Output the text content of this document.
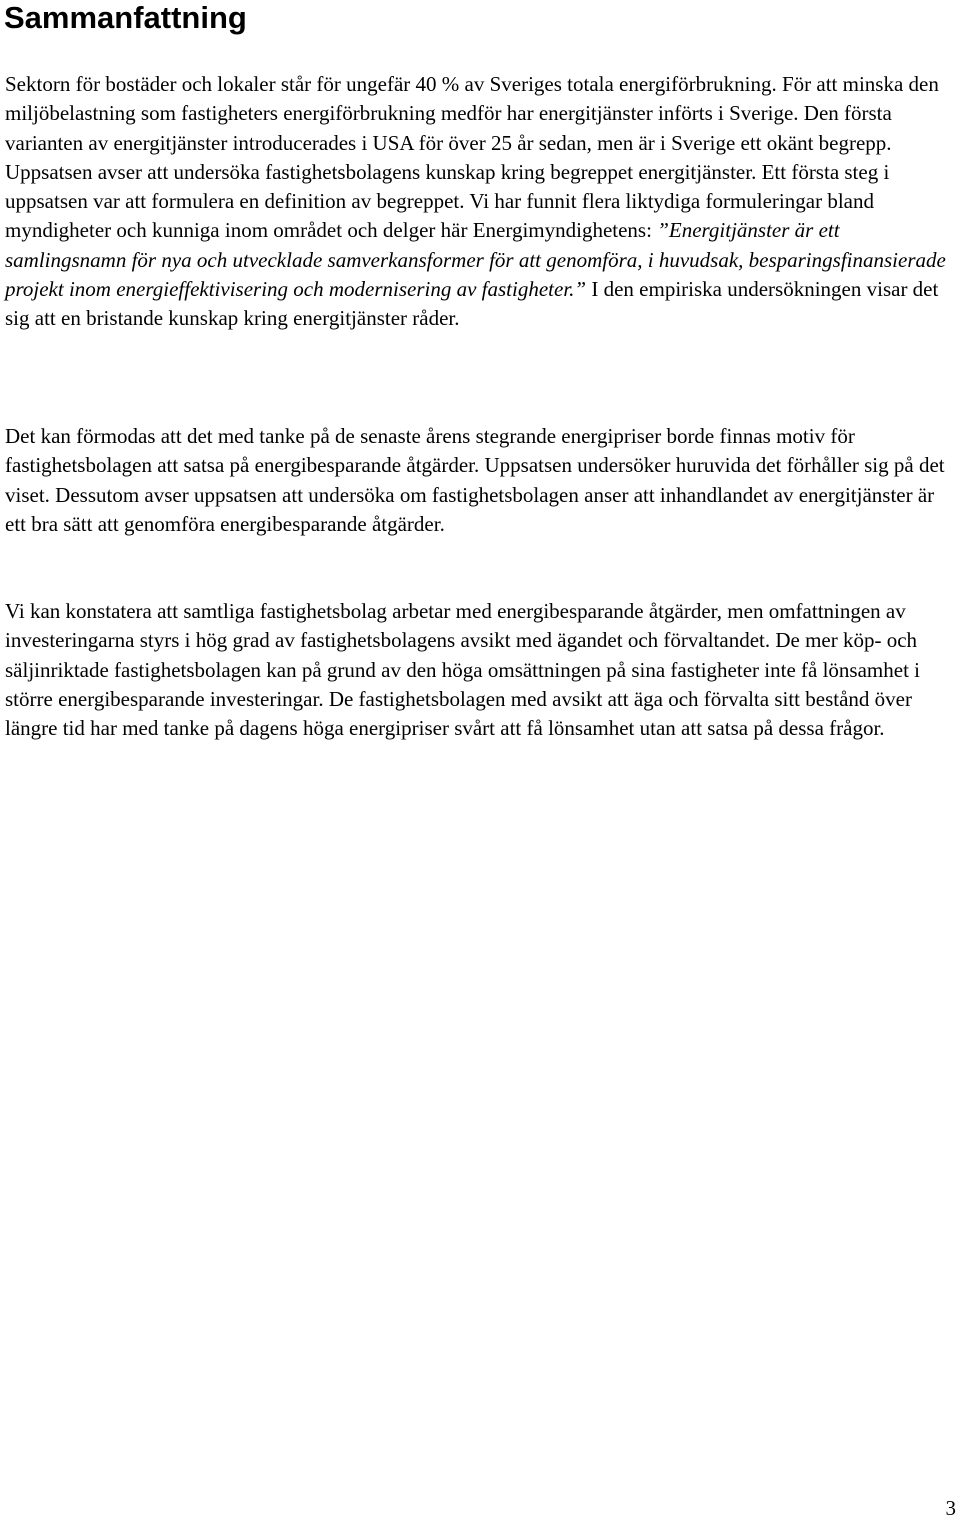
Sammanfattning

Sektorn för bostäder och lokaler står för ungefär 40 % av Sveriges totala energiförbrukning. För att minska den miljöbelastning som fastigheters energiförbrukning medför har energitjänster införts i Sverige. Den första varianten av energitjänster introducerades i USA för över 25 år sedan, men är i Sverige ett okänt begrepp. Uppsatsen avser att undersöka fastighetsbolagens kunskap kring begreppet energitjänster. Ett första steg i uppsatsen var att formulera en definition av begreppet. Vi har funnit flera liktydiga formuleringar bland myndigheter och kunniga inom området och delger här Energimyndighetens: ”Energitjänster är ett samlingsnamn för nya och utvecklade samverkansformer för att genomföra, i huvudsak, besparingsfinansierade projekt inom energieffektivisering och modernisering av fastigheter.” I den empiriska undersökningen visar det sig att en bristande kunskap kring energitjänster råder.

Det kan förmodas att det med tanke på de senaste årens stegrande energipriser borde finnas motiv för fastighetsbolagen att satsa på energibesparande åtgärder. Uppsatsen undersöker huruvida det förhåller sig på det viset. Dessutom avser uppsatsen att undersöka om fastighetsbolagen anser att inhandlandet av energitjänster är ett bra sätt att genomföra energibesparande åtgärder.

Vi kan konstatera att samtliga fastighetsbolag arbetar med energibesparande åtgärder, men omfattningen av investeringarna styrs i hög grad av fastighetsbolagens avsikt med ägandet och förvaltandet. De mer köp- och säljinriktade fastighetsbolagen kan på grund av den höga omsättningen på sina fastigheter inte få lönsamhet i större energibesparande investeringar. De fastighetsbolagen med avsikt att äga och förvalta sitt bestånd över längre tid har med tanke på dagens höga energipriser svårt att få lönsamhet utan att satsa på dessa frågor.

3
